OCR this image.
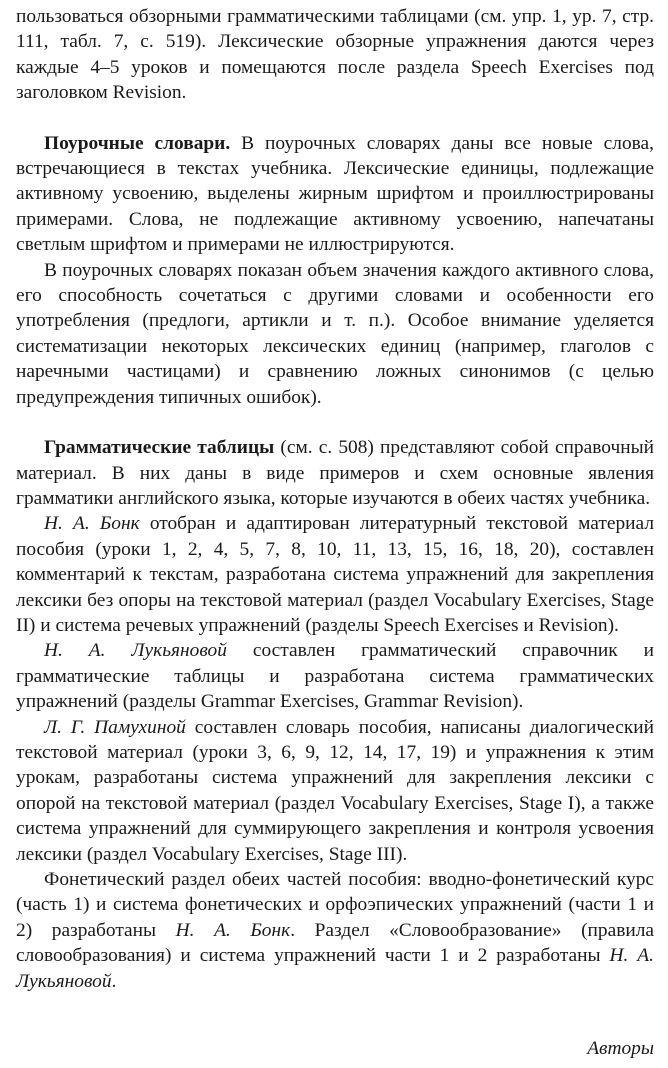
пользоваться обзорными грамматическими таблицами (см. упр. 1, ур. 7, стр. 111, табл. 7, с. 519). Лексические обзорные упражнения даются через каждые 4–5 уроков и помещаются после раздела Speech Exercises под заголовком Revision.

Поурочные словари. В поурочных словарях даны все новые слова, встречающиеся в текстах учебника. Лексические единицы, подлежащие активному усвоению, выделены жирным шрифтом и проиллюстрированы примерами. Слова, не подлежащие активному усвоению, напечатаны светлым шрифтом и примерами не иллюстрируются.

В поурочных словарях показан объем значения каждого активного слова, его способность сочетаться с другими словами и особенности его употребления (предлоги, артикли и т. п.). Особое внимание уделяется систематизации некоторых лексических единиц (например, глаголов с наречными частицами) и сравнению ложных синонимов (с целью предупреждения типичных ошибок).

Грамматические таблицы (см. с. 508) представляют собой справочный материал. В них даны в виде примеров и схем основные явления грамматики английского языка, которые изучаются в обеих частях учебника.

Н. А. Бонк отобран и адаптирован литературный текстовой материал пособия (уроки 1, 2, 4, 5, 7, 8, 10, 11, 13, 15, 16, 18, 20), составлен комментарий к текстам, разработана система упражнений для закрепления лексики без опоры на текстовой материал (раздел Vocabulary Exercises, Stage II) и система речевых упражнений (разделы Speech Exercises и Revision).

Н. А. Лукьяновой составлен грамматический справочник и грамматические таблицы и разработана система грамматических упражнений (разделы Grammar Exercises, Grammar Revision).

Л. Г. Памухиной составлен словарь пособия, написаны диалогический текстовой материал (уроки 3, 6, 9, 12, 14, 17, 19) и упражнения к этим урокам, разработаны система упражнений для закрепления лексики с опорой на текстовой материал (раздел Vocabulary Exercises, Stage I), а также система упражнений для суммирующего закрепления и контроля усвоения лексики (раздел Vocabulary Exercises, Stage III).

Фонетический раздел обеих частей пособия: вводно-фонетический курс (часть 1) и система фонетических и орфоэпических упражнений (части 1 и 2) разработаны Н. А. Бонк. Раздел «Словообразование» (правила словообразования) и система упражнений части 1 и 2 разработаны Н. А. Лукьяновой.

Авторы
